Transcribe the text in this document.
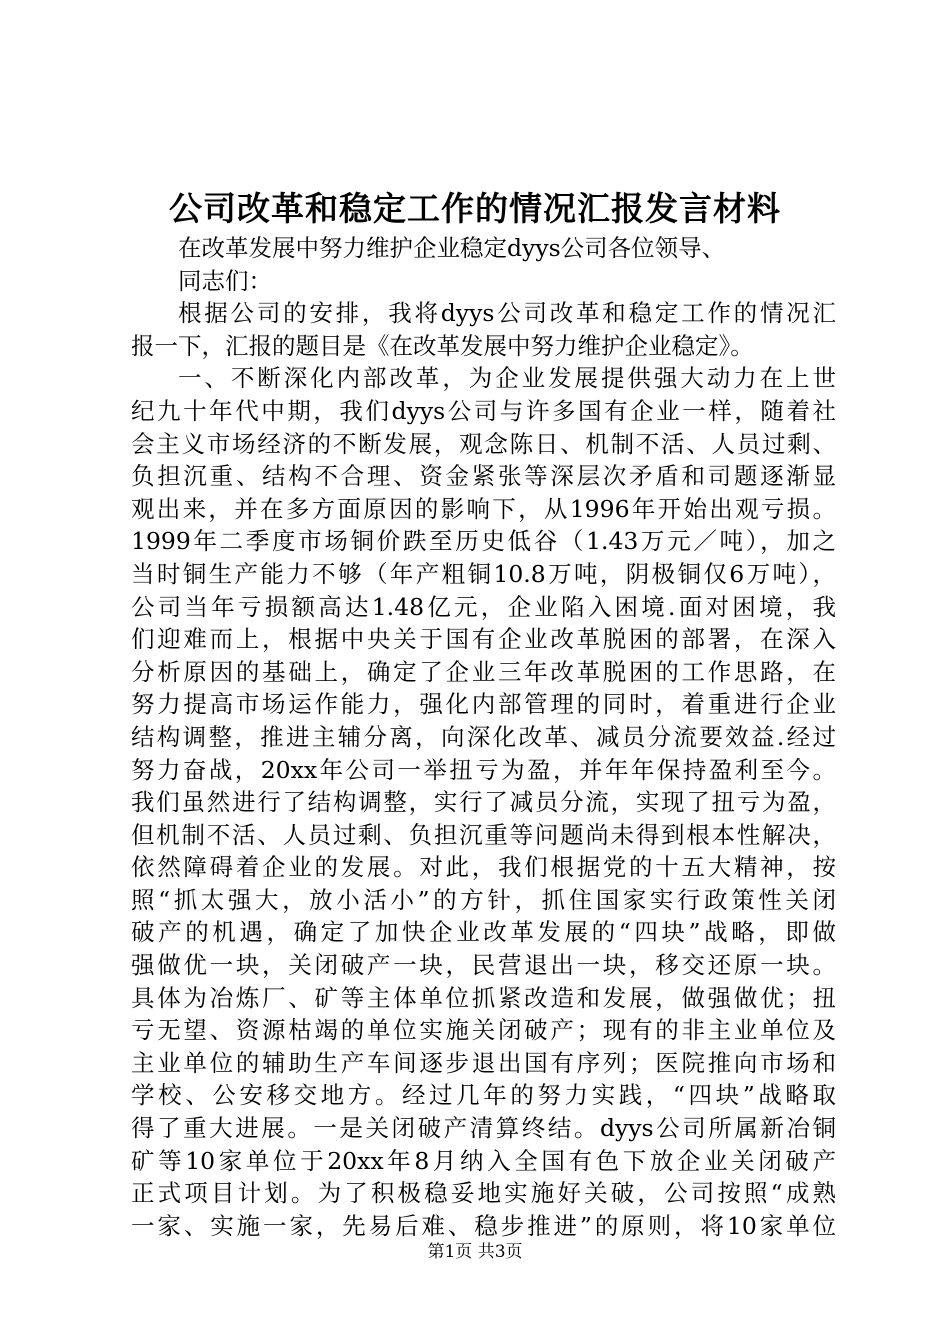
公司改革和稳定工作的情况汇报发言材料
在改革发展中努力维护企业稳定dyys公司各位领导、
同志们：
根据公司的安排，我将dyys公司改革和稳定工作的情况汇
报一下，汇报的题目是《在改革发展中努力维护企业稳定》。
一、不断深化内部改革，为企业发展提供强大动力在上世
纪九十年代中期，我们dyys公司与许多国有企业一样，随着社
会主义市场经济的不断发展，观念陈日、机制不活、人员过剩、
负担沉重、结构不合理、资金紧张等深层次矛盾和司题逐渐显
观出来，并在多方面原因的影响下，从1996年开始出观亏损。
1999年二季度市场铜价跌至历史低谷（1.43万元／吨），加之
当时铜生产能力不够（年产粗铜10.8万吨，阴极铜仅6万吨），
公司当年亏损额高达1.48亿元，企业陷入困境.面对困境，我
们迎难而上，根据中央关于国有企业改革脱困的部署，在深入
分析原因的基础上，确定了企业三年改革脱困的工作思路，在
努力提高市场运作能力，强化内部管理的同时，着重进行企业
结构调整，推进主辅分离，向深化改革、减员分流要效益.经过
努力奋战，20xx年公司一举扭亏为盈，并年年保持盈利至今。
我们虽然进行了结构调整，实行了减员分流，实现了扭亏为盈，
但机制不活、人员过剩、负担沉重等问题尚未得到根本性解决，
依然障碍着企业的发展。对此，我们根据党的十五大精神，按
照“抓太强大，放小活小”的方针，抓住国家实行政策性关闭
破产的机遇，确定了加快企业改革发展的“四块”战略，即做
强做优一块，关闭破产一块，民营退出一块，移交还原一块。
具体为冶炼厂、矿等主体单位抓紧改造和发展，做强做优；扭
亏无望、资源枯竭的单位实施关闭破产；现有的非主业单位及
主业单位的辅助生产车间逐步退出国有序列；医院推向市场和
学校、公安移交地方。经过几年的努力实践，“四块”战略取
得了重大进展。一是关闭破产清算终结。dyys公司所属新冶铜
矿等10家单位于20xx年8月纳入全国有色下放企业关闭破产
正式项目计划。为了积极稳妥地实施好关破，公司按照“成熟
一家、实施一家，先易后难、稳步推进”的原则，将10家单位
第1页 共3页
